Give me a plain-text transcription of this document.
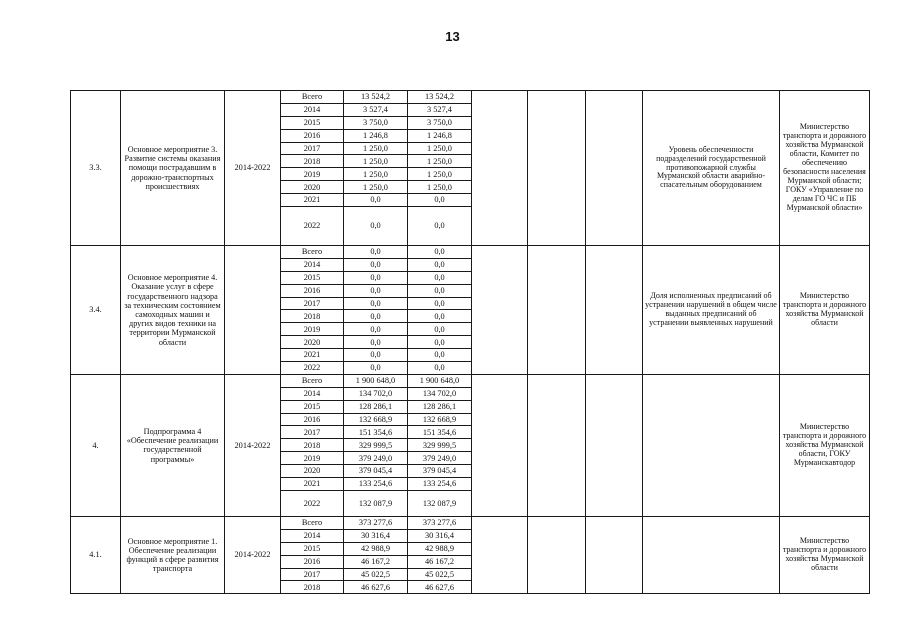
13
3.3.	Основное мероприятие 3. Развитие системы оказания помощи пострадавшим в дорожно-транспортных происшествиях	2014-2022	Всего	13 524,2	13 524,2				Уровень обеспеченности подразделений государственной противопожарной службы Мурманской области аварийно-спасательным оборудованием	Министерство транспорта и дорожного хозяйства Мурманской области, Комитет по обеспечению безопасности населения Мурманской области; ГОКУ «Управление по делам ГО ЧС и ПБ Мурманской области»
			2014	3 527,4	3 527,4					
			2015	3 750,0	3 750,0					
			2016	1 246,8	1 246,8					
			2017	1 250,0	1 250,0					
			2018	1 250,0	1 250,0					
			2019	1 250,0	1 250,0					
			2020	1 250,0	1 250,0					
			2021	0,0	0,0					
			2022	0,0	0,0					
3.4.	Основное мероприятие 4. Оказание услуг в сфере государственного надзора за техническим состоянием самоходных машин и других видов техники на территории Мурманской области		Всего	0,0	0,0				Доля исполненных предписаний об устранении нарушений в общем числе выданных предписаний об устранении выявленных нарушений	Министерство транспорта и дорожного хозяйства Мурманской области
			2014	0,0	0,0					
			2015	0,0	0,0					
			2016	0,0	0,0					
			2017	0,0	0,0					
			2018	0,0	0,0					
			2019	0,0	0,0					
			2020	0,0	0,0					
			2021	0,0	0,0					
			2022	0,0	0,0					
4.	Подпрограмма 4 «Обеспечение реализации государственной программы»	2014-2022	Всего	1 900 648,0	1 900 648,0					Министерство транспорта и дорожного хозяйства Мурманской области, ГОКУ Мурманскавтодор
			2014	134 702,0	134 702,0					
			2015	128 286,1	128 286,1					
			2016	132 668,9	132 668,9					
			2017	151 354,6	151 354,6					
			2018	329 999,5	329 999,5					
			2019	379 249,0	379 249,0					
			2020	379 045,4	379 045,4					
			2021	133 254,6	133 254,6					
			2022	132 087,9	132 087,9					
4.1.	Основное мероприятие 1. Обеспечение реализации функций в сфере развития транспорта	2014-2022	Всего	373 277,6	373 277,6					Министерство транспорта и дорожного хозяйства Мурманской области
			2014	30 316,4	30 316,4					
			2015	42 988,9	42 988,9					
			2016	46 167,2	46 167,2					
			2017	45 022,5	45 022,5					
			2018	46 627,6	46 627,6					
